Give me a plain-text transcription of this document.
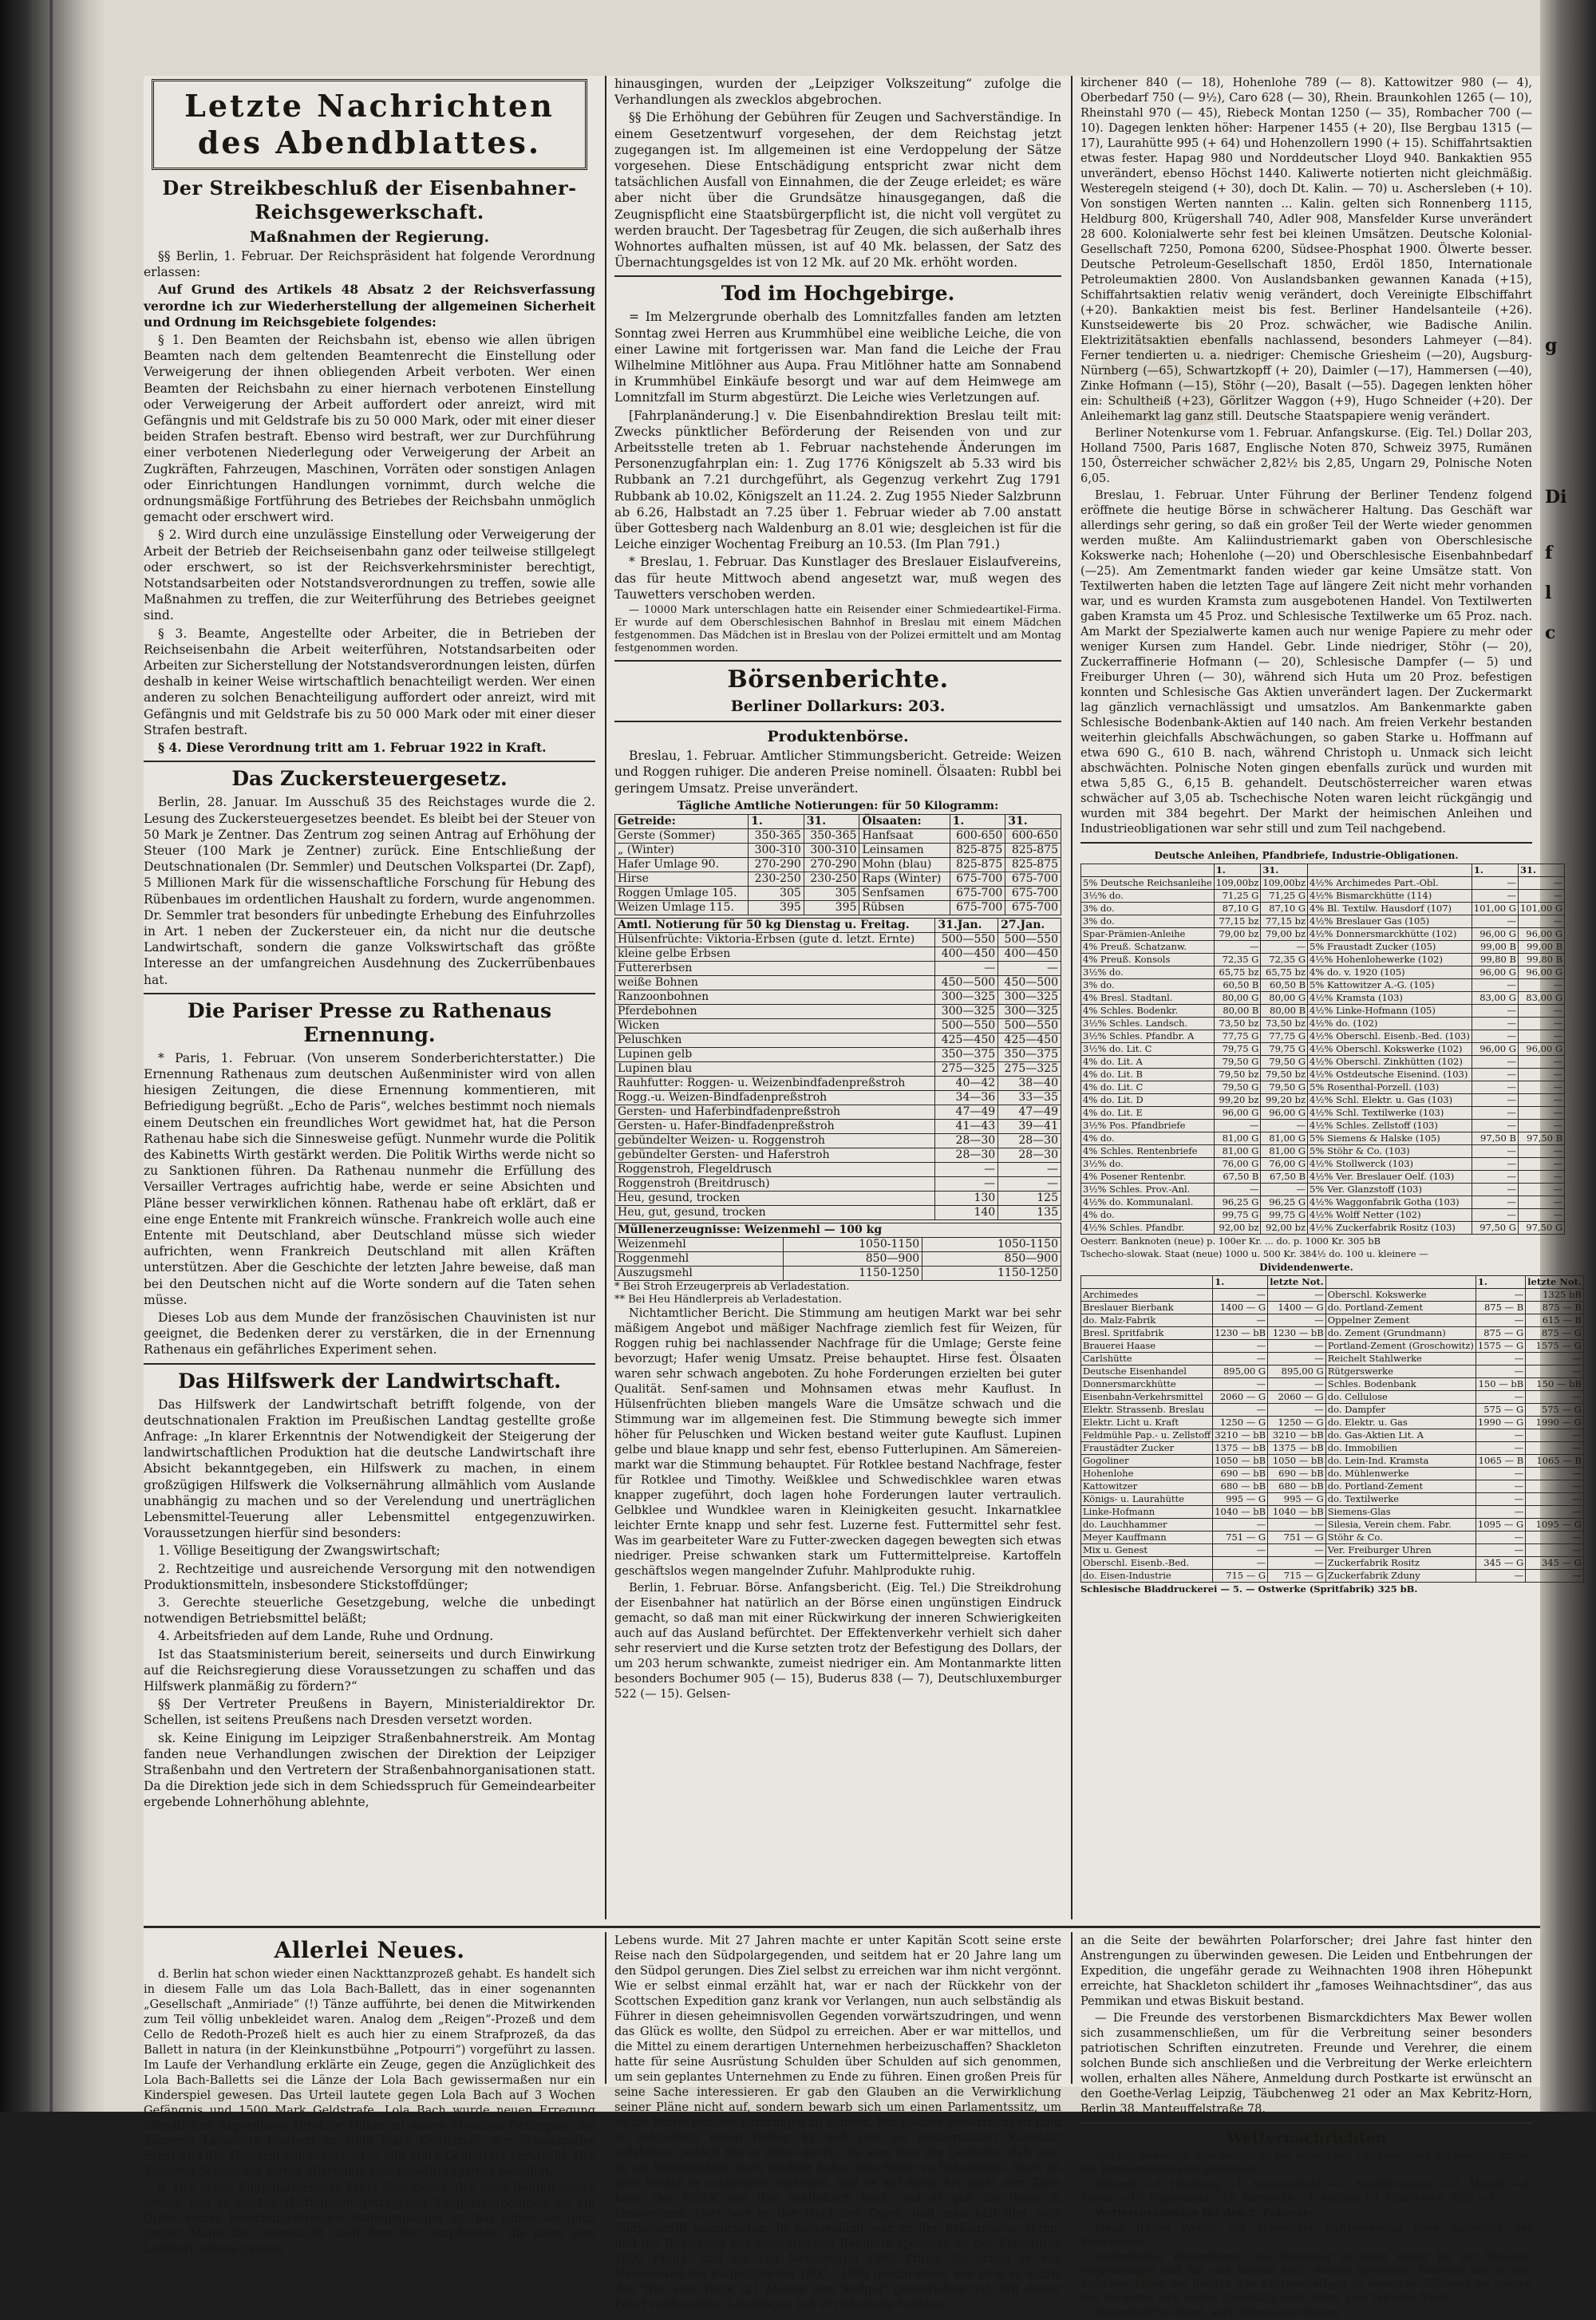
g
Di
f
l
c
Letzte Nachrichten
des Abendblattes.
Der Streikbeschluß der Eisenbahner-Reichsgewerkschaft.
Maßnahmen der Regierung.

§§ Berlin, 1. Februar. Der Reichspräsident hat folgende Verordnung erlassen:

Auf Grund des Artikels 48 Absatz 2 der Reichsverfassung verordne ich zur Wiederherstellung der allgemeinen Sicherheit und Ordnung im Reichsgebiete folgendes:

§ 1. Den Beamten der Reichsbahn ist, ebenso wie allen übrigen Beamten nach dem geltenden Beamtenrecht die Einstellung oder Verweigerung der ihnen obliegenden Arbeit verboten. Wer einen Beamten der Reichsbahn zu einer hiernach verbotenen Einstellung oder Verweigerung der Arbeit auffordert oder anreizt, wird mit Gefängnis und mit Geldstrafe bis zu 50 000 Mark, oder mit einer dieser beiden Strafen bestraft. Ebenso wird bestraft, wer zur Durchführung einer verbotenen Niederlegung oder Verweigerung der Arbeit an Zugkräften, Fahrzeugen, Maschinen, Vorräten oder sonstigen Anlagen oder Einrichtungen Handlungen vornimmt, durch welche die ordnungsmäßige Fortführung des Betriebes der Reichsbahn unmöglich gemacht oder erschwert wird.

§ 2. Wird durch eine unzulässige Einstellung oder Verweigerung der Arbeit der Betrieb der Reichseisenbahn ganz oder teilweise stillgelegt oder erschwert, so ist der Reichsverkehrsminister berechtigt, Notstandsarbeiten oder Notstandsverordnungen zu treffen, sowie alle Maßnahmen zu treffen, die zur Weiterführung des Betriebes geeignet sind.

§ 3. Beamte, Angestellte oder Arbeiter, die in Betrieben der Reichseisenbahn die Arbeit weiterführen, Notstandsarbeiten oder Arbeiten zur Sicherstellung der Notstandsverordnungen leisten, dürfen deshalb in keiner Weise wirtschaftlich benachteiligt werden. Wer einen anderen zu solchen Benachteiligung auffordert oder anreizt, wird mit Gefängnis und mit Geldstrafe bis zu 50 000 Mark oder mit einer dieser Strafen bestraft.

§ 4. Diese Verordnung tritt am 1. Februar 1922 in Kraft.

Das Zuckersteuergesetz.

Berlin, 28. Januar. Im Ausschuß 35 des Reichstages wurde die 2. Lesung des Zuckersteuergesetzes beendet. Es bleibt bei der Steuer von 50 Mark je Zentner. Das Zentrum zog seinen Antrag auf Erhöhung der Steuer (100 Mark je Zentner) zurück. Eine Entschließung der Deutschnationalen (Dr. Semmler) und Deutschen Volkspartei (Dr. Zapf), 5 Millionen Mark für die wissenschaftliche Forschung für Hebung des Rübenbaues im ordentlichen Haushalt zu fordern, wurde angenommen. Dr. Semmler trat besonders für unbedingte Erhebung des Einfuhrzolles in Art. 1 neben der Zuckersteuer ein, da nicht nur die deutsche Landwirtschaft, sondern die ganze Volkswirtschaft das größte Interesse an der umfangreichen Ausdehnung des Zuckerrübenbaues hat.

Die Pariser Presse zu Rathenaus Ernennung.

* Paris, 1. Februar. (Von unserem Sonderberichterstatter.) Die Ernennung Rathenaus zum deutschen Außenminister wird von allen hiesigen Zeitungen, die diese Ernennung kommentieren, mit Befriedigung begrüßt. „Echo de Paris“, welches bestimmt noch niemals einem Deutschen ein freundliches Wort gewidmet hat, hat die Person Rathenau habe sich die Sinnesweise gefügt. Nunmehr wurde die Politik des Kabinetts Wirth gestärkt werden. Die Politik Wirths werde nicht so zu Sanktionen führen. Da Rathenau nunmehr die Erfüllung des Versailler Vertrages aufrichtig habe, werde er seine Absichten und Pläne besser verwirklichen können. Rathenau habe oft erklärt, daß er eine enge Entente mit Frankreich wünsche. Frankreich wolle auch eine Entente mit Deutschland, aber Deutschland müsse sich wieder aufrichten, wenn Frankreich Deutschland mit allen Kräften unterstützen. Aber die Geschichte der letzten Jahre beweise, daß man bei den Deutschen nicht auf die Worte sondern auf die Taten sehen müsse.

Dieses Lob aus dem Munde der französischen Chauvinisten ist nur geeignet, die Bedenken derer zu verstärken, die in der Ernennung Rathenaus ein gefährliches Experiment sehen.

Das Hilfswerk der Landwirtschaft.

Das Hilfswerk der Landwirtschaft betrifft folgende, von der deutschnationalen Fraktion im Preußischen Landtag gestellte große Anfrage: „In klarer Erkenntnis der Notwendigkeit der Steigerung der landwirtschaftlichen Produktion hat die deutsche Landwirtschaft ihre Absicht bekanntgegeben, ein Hilfswerk zu machen, in einem großzügigen Hilfswerk die Volksernährung allmählich vom Auslande unabhängig zu machen und so der Verelendung und unerträglichen Lebensmittel-Teuerung aller Lebensmittel entgegenzuwirken. Voraussetzungen hierfür sind besonders:

1. Völlige Beseitigung der Zwangswirtschaft;

2. Rechtzeitige und ausreichende Versorgung mit den notwendigen Produktionsmitteln, insbesondere Stickstoffdünger;

3. Gerechte steuerliche Gesetzgebung, welche die unbedingt notwendigen Betriebsmittel beläßt;

4. Arbeitsfrieden auf dem Lande, Ruhe und Ordnung.

Ist das Staatsministerium bereit, seinerseits und durch Einwirkung auf die Reichsregierung diese Voraussetzungen zu schaffen und das Hilfswerk planmäßig zu fördern?“

§§ Der Vertreter Preußens in Bayern, Ministerialdirektor Dr. Schellen, ist seitens Preußens nach Dresden versetzt worden.

sk. Keine Einigung im Leipziger Straßenbahnerstreik. Am Montag fanden neue Verhandlungen zwischen der Direktion der Leipziger Straßenbahn und den Vertretern der Straßenbahnorganisationen statt. Da die Direktion jede sich in dem Schiedsspruch für Gemeindearbeiter ergebende Lohnerhöhung ablehnte,

hinausgingen, wurden der „Leipziger Volkszeitung“ zufolge die Verhandlungen als zwecklos abgebrochen.

§§ Die Erhöhung der Gebühren für Zeugen und Sachverständige. In einem Gesetzentwurf vorgesehen, der dem Reichstag jetzt zugegangen ist. Im allgemeinen ist eine Verdoppelung der Sätze vorgesehen. Diese Entschädigung entspricht zwar nicht dem tatsächlichen Ausfall von Einnahmen, die der Zeuge erleidet; es wäre aber nicht über die Grundsätze hinausgegangen, daß die Zeugnispflicht eine Staatsbürgerpflicht ist, die nicht voll vergütet zu werden braucht. Der Tagesbetrag für Zeugen, die sich außerhalb ihres Wohnortes aufhalten müssen, ist auf 40 Mk. belassen, der Satz des Übernachtungsgeldes ist von 12 Mk. auf 20 Mk. erhöht worden.

Tod im Hochgebirge.

= Im Melzergrunde oberhalb des Lomnitzfalles fanden am letzten Sonntag zwei Herren aus Krummhübel eine weibliche Leiche, die von einer Lawine mit fortgerissen war. Man fand die Leiche der Frau Wilhelmine Mitlöhner aus Aupa. Frau Mitlöhner hatte am Sonnabend in Krummhübel Einkäufe besorgt und war auf dem Heimwege am Lomnitzfall im Sturm abgestürzt. Die Leiche wies Verletzungen auf.

[Fahrplanänderung.] v. Die Eisenbahndirektion Breslau teilt mit: Zwecks pünktlicher Beförderung der Reisenden von und zur Arbeitsstelle treten ab 1. Februar nachstehende Änderungen im Personenzugfahrplan ein: 1. Zug 1776 Königszelt ab 5.33 wird bis Rubbank an 7.21 durchgeführt, als Gegenzug verkehrt Zug 1791 Rubbank ab 10.02, Königszelt an 11.24. 2. Zug 1955 Nieder Salzbrunn ab 6.26, Halbstadt an 7.25 über 1. Februar wieder ab 7.00 anstatt über Gottesberg nach Waldenburg an 8.01 wie; desgleichen ist für die Leiche einziger Wochentag Freiburg an 10.53. (Im Plan 791.)

* Breslau, 1. Februar. Das Kunstlager des Breslauer Eislaufvereins, das für heute Mittwoch abend angesetzt war, muß wegen des Tauwetters verschoben werden.

— 10000 Mark unterschlagen hatte ein Reisender einer Schmiedeartikel-Firma. Er wurde auf dem Oberschlesischen Bahnhof in Breslau mit einem Mädchen festgenommen. Das Mädchen ist in Breslau von der Polizei ermittelt und am Montag festgenommen worden.

Börsenberichte.
Berliner Dollarkurs: 203.
Produktenbörse.

Breslau, 1. Februar. Amtlicher Stimmungsbericht. Getreide: Weizen und Roggen ruhiger. Die anderen Preise nominell. Ölsaaten: Rubbl bei geringem Umsatz. Preise unverändert.

Tägliche Amtliche Notierungen: für 50 Kilogramm:
Getreide:	1.	31.	Ölsaaten:	1.	31.
Gerste (Sommer)	350-365	350-365	Hanfsaat	600-650	600-650
„ (Winter)	300-310	300-310	Leinsamen	825-875	825-875
Hafer Umlage 90.	270-290	270-290	Mohn (blau)	825-875	825-875
Hirse	230-250	230-250	Raps (Winter)	675-700	675-700
Roggen Umlage 105.	305	305	Senfsamen	675-700	675-700
Weizen Umlage 115.	395	395	Rübsen	675-700	675-700
Amtl. Notierung für 50 kg Dienstag u. Freitag.	31.Jan.	27.Jan.
Hülsenfrüchte: Viktoria-Erbsen (gute d. letzt. Ernte)	500—550	500—550
kleine gelbe Erbsen	400—450	400—450
Futtererbsen	—	—
weiße Bohnen	450—500	450—500
Ranzoonbohnen	300—325	300—325
Pferdebohnen	300—325	300—325
Wicken	500—550	500—550
Peluschken	425—450	425—450
Lupinen gelb	350—375	350—375
Lupinen blau	275—325	275—325
Rauhfutter: Roggen- u. Weizenbindfadenpreßstroh	40—42	38—40
Rogg.-u. Weizen-Bindfadenpreßstroh	34—36	33—35
Gersten- und Haferbindfadenpreßstroh	47—49	47—49
Gersten- u. Hafer-Bindfadenpreßstroh	41—43	39—41
gebündelter Weizen- u. Roggenstroh	28—30	28—30
gebündelter Gersten- und Haferstroh	28—30	28—30
Roggenstroh, Flegeldrusch	—	—
Roggenstroh (Breitdrusch)	—	—
Heu, gesund, trocken	130	125
Heu, gut, gesund, trocken	140	135
Müllenerzeugnisse: Weizenmehl — 100 kg		
Weizenmehl	1050-1150	1050-1150
Roggenmehl	850—900	850—900
Auszugsmehl	1150-1250	1150-1250
* Bei Stroh Erzeugerpreis ab Verladestation.
** Bei Heu Händlerpreis ab Verladestation.

Nichtamtlicher Bericht. Die Stimmung am heutigen Markt war bei sehr mäßigem Angebot und mäßiger Nachfrage ziemlich fest für Weizen, für Roggen ruhig bei nachlassender Nachfrage für die Umlage; Gerste feine bevorzugt; Hafer wenig Umsatz. Preise behauptet. Hirse fest. Ölsaaten waren sehr schwach angeboten. Zu hohe Forderungen erzielten bei guter Qualität. Senf-samen und Mohnsamen etwas mehr Kauflust. In Hülsenfrüchten blieben mangels Ware die Umsätze schwach und die Stimmung war im allgemeinen fest. Die Stimmung bewegte sich immer höher für Peluschken und Wicken bestand weiter gute Kauflust. Lupinen gelbe und blaue knapp und sehr fest, ebenso Futterlupinen. Am Sämereien-markt war die Stimmung behauptet. Für Rotklee bestand Nachfrage, fester für Rotklee und Timothy. Weißklee und Schwedischklee waren etwas knapper zugeführt, doch lagen hohe Forderungen lauter vertraulich. Gelbklee und Wundklee waren in Kleinigkeiten gesucht. Inkarnatklee leichter Ernte knapp und sehr fest. Luzerne fest. Futtermittel sehr fest. Was im gearbeiteter Ware zu Futter-zwecken dagegen bewegten sich etwas niedriger. Preise schwanken stark um Futtermittelpreise. Kartoffeln geschäftslos wegen mangelnder Zufuhr. Mahlprodukte ruhig.

Berlin, 1. Februar. Börse. Anfangsbericht. (Eig. Tel.) Die Streikdrohung der Eisenbahner hat natürlich an der Börse einen ungünstigen Eindruck gemacht, so daß man mit einer Rückwirkung der inneren Schwierigkeiten auch auf das Ausland befürchtet. Der Effektenverkehr verhielt sich daher sehr reserviert und die Kurse setzten trotz der Befestigung des Dollars, der um 203 herum schwankte, zumeist niedriger ein. Am Montanmarkte litten besonders Bochumer 905 (— 15), Buderus 838 (— 7), Deutschluxemburger 522 (— 15). Gelsen-

kirchener 840 (— 18), Hohenlohe 789 (— 8). Kattowitzer 980 (— 4), Oberbedarf 750 (— 9½), Caro 628 (— 30), Rhein. Braunkohlen 1265 (— 10), Rheinstahl 970 (— 45), Riebeck Montan 1250 (— 35), Rombacher 700 (— 10). Dagegen lenkten höher: Harpener 1455 (+ 20), Ilse Bergbau 1315 (— 17), Laurahütte 995 (+ 64) und Hohenzollern 1990 (+ 15). Schiffahrtsaktien etwas fester. Hapag 980 und Norddeutscher Lloyd 940. Bankaktien 955 unverändert, ebenso Höchst 1440. Kaliwerte notierten nicht gleichmäßig. Westeregeln steigend (+ 30), doch Dt. Kalin. — 70) u. Aschersleben (+ 10). Von sonstigen Werten nannten ... Kalin. gelten sich Ronnenberg 1115, Heldburg 800, Krügershall 740, Adler 908, Mansfelder Kurse unverändert 28 600. Kolonialwerte sehr fest bei kleinen Umsätzen. Deutsche Kolonial-Gesellschaft 7250, Pomona 6200, Südsee-Phosphat 1900. Ölwerte besser. Deutsche Petroleum-Gesellschaft 1850, Erdöl 1850, Internationale Petroleumaktien 2800. Von Auslandsbanken gewannen Kanada (+15), Schiffahrtsaktien relativ wenig verändert, doch Vereinigte Elbschiffahrt (+20). Bankaktien meist bis fest. Berliner Handelsanteile (+26). Kunstseidewerte bis 20 Proz. schwächer, wie Badische Anilin. Elektrizitätsaktien ebenfalls nachlassend, besonders Lahmeyer (—84). Ferner tendierten u. a. niedriger: Chemische Griesheim (—20), Augsburg-Nürnberg (—65), Schwartzkopff (+ 20), Daimler (—17), Hammersen (—40), Zinke Hofmann (—15), Stöhr (—20), Basalt (—55). Dagegen lenkten höher ein: Schultheiß (+23), Görlitzer Waggon (+9), Hugo Schneider (+20). Der Anleihemarkt lag ganz still. Deutsche Staatspapiere wenig verändert.

Berliner Notenkurse vom 1. Februar. Anfangskurse. (Eig. Tel.) Dollar 203, Holland 7500, Paris 1687, Englische Noten 870, Schweiz 3975, Rumänen 150, Österreicher schwächer 2,82½ bis 2,85, Ungarn 29, Polnische Noten 6,05.

Breslau, 1. Februar. Unter Führung der Berliner Tendenz folgend eröffnete die heutige Börse in schwächerer Haltung. Das Geschäft war allerdings sehr gering, so daß ein großer Teil der Werte wieder genommen werden mußte. Am Kaliindustriemarkt gaben von Oberschlesische Kokswerke nach; Hohenlohe (—20) und Oberschlesische Eisenbahnbedarf (—25). Am Zementmarkt fanden wieder gar keine Umsätze statt. Von Textilwerten haben die letzten Tage auf längere Zeit nicht mehr vorhanden war, und es wurden Kramsta zum ausgebotenen Handel. Von Textilwerten gaben Kramsta um 45 Proz. und Schlesische Textilwerke um 65 Proz. nach. Am Markt der Spezialwerte kamen auch nur wenige Papiere zu mehr oder weniger Kursen zum Handel. Gebr. Linde niedriger, Stöhr (— 20), Zuckerraffinerie Hofmann (— 20), Schlesische Dampfer (— 5) und Freiburger Uhren (— 30), während sich Huta um 20 Proz. befestigen konnten und Schlesische Gas Aktien unverändert lagen. Der Zuckermarkt lag gänzlich vernachlässigt und umsatzlos. Am Bankenmarkte gaben Schlesische Bodenbank-Aktien auf 140 nach. Am freien Verkehr bestanden weiterhin gleichfalls Abschwächungen, so gaben Starke u. Hoffmann auf etwa 690 G., 610 B. nach, während Christoph u. Unmack sich leicht abschwächten. Polnische Noten gingen ebenfalls zurück und wurden mit etwa 5,85 G., 6,15 B. gehandelt. Deutschösterreicher waren etwas schwächer auf 3,05 ab. Tschechische Noten waren leicht rückgängig und wurden mit 384 begehrt. Der Markt der heimischen Anleihen und Industrieobligationen war sehr still und zum Teil nachgebend.

Deutsche Anleihen, Pfandbriefe, Industrie-Obligationen.
	1.	31.		1.	31.
5% Deutsche Reichsanleihe	109,00bz	109,00bz	4½% Archimedes Part.-Obl.	—	—
3½% do.	71,25 G	71,25 G	4½% Bismarckhütte (114)	—	—
3% do.	87,10 G	87,10 G	4% Bl. Textilw. Hausdorf (107)	101,00 G	101,00 G
3% do.	77,15 bz	77,15 bz	4½% Breslauer Gas (105)	—	—
Spar-Prämien-Anleihe	79,00 bz	79,00 bz	4½% Donnersmarckhütte (102)	96,00 G	96,00 G
4% Preuß. Schatzanw.	—	—	5% Fraustadt Zucker (105)	99,00 B	99,00 B
4% Preuß. Konsols	72,35 G	72,35 G	4½% Hohenlohewerke (102)	99,80 B	99,80 B
3½% do.	65,75 bz	65,75 bz	4% do. v. 1920 (105)	96,00 G	96,00 G
3% do.	60,50 B	60,50 B	5% Kattowitzer A.-G. (105)	—	—
4% Bresl. Stadtanl.	80,00 G	80,00 G	4½% Kramsta (103)	83,00 G	83,00 G
4% Schles. Bodenkr.	80,00 B	80,00 B	4½% Linke-Hofmann (105)	—	—
3½% Schles. Landsch.	73,50 bz	73,50 bz	4½% do. (102)	—	—
3½% Schles. Pfandbr. A	77,75 G	77,75 G	4½% Oberschl. Eisenb.-Bed. (103)	—	—
3½% do. Lit. C	79,75 G	79,75 G	4½% Oberschl. Kokswerke (102)	96,00 G	96,00 G
4% do. Lit. A	79,50 G	79,50 G	4½% Oberschl. Zinkhütten (102)	—	—
4% do. Lit. B	79,50 bz	79,50 bz	4½% Ostdeutsche Eisenind. (103)	—	—
4% do. Lit. C	79,50 G	79,50 G	5% Rosenthal-Porzell. (103)	—	—
4% do. Lit. D	99,20 bz	99,20 bz	4½% Schl. Elektr. u. Gas (103)	—	—
4% do. Lit. E	96,00 G	96,00 G	4½% Schl. Textilwerke (103)	—	—
3½% Pos. Pfandbriefe	—	—	4½% Schles. Zellstoff (103)	—	—
4% do.	81,00 G	81,00 G	5% Siemens & Halske (105)	97,50 B	97,50 B
4% Schles. Rentenbriefe	81,00 G	81,00 G	5% Stöhr & Co. (103)	—	—
3½% do.	76,00 G	76,00 G	4½% Stollwerck (103)	—	—
4% Posener Rentenbr.	67,50 B	67,50 B	4½% Ver. Breslauer Oelf. (103)	—	—
3½% Schles. Prov.-Anl.	—	—	5% Ver. Glanzstoff (103)	—	—
4½% do. Kommunalanl.	96,25 G	96,25 G	4½% Waggonfabrik Gotha (103)	—	—
4% do.	99,75 G	99,75 G	4½% Wolff Netter (102)	—	—
4½% Schles. Pfandbr.	92,00 bz	92,00 bz	4½% Zuckerfabrik Rositz (103)	97,50 G	97,50 G
Oesterr. Banknoten (neue) p. 100er Kr. ... do. p. 1000 Kr. 305 bB
Tschecho-slowak. Staat (neue) 1000 u. 500 Kr. 384½ do. 100 u. kleinere —
Dividendenwerte.
	1.	letzte Not.		1.	letzte Not.
Archimedes	—	—	Oberschl. Kokswerke	—	1325 bB
Breslauer Bierbank	1400 — G	1400 — G	do. Portland-Zement	875 — B	875 — B
do. Malz-Fabrik	—	—	Oppelner Zement	—	615 — B
Bresl. Spritfabrik	1230 — bB	1230 — bB	do. Zement (Grundmann)	875 — G	875 — G
Brauerei Haase	—	—	Portland-Zement (Groschowitz)	1575 — G	1575 — G
Carlshütte	—	—	Reichelt Stahlwerke	—	—
Deutsche Eisenhandel	895,00 G	895,00 G	Rütgerswerke	—	—
Donnersmarckhütte	—	—	Schles. Bodenbank	150 — bB	150 — bB
Eisenbahn-Verkehrsmittel	2060 — G	2060 — G	do. Cellulose	—	—
Elektr. Strassenb. Breslau	—	—	do. Dampfer	575 — G	575 — G
Elektr. Licht u. Kraft	1250 — G	1250 — G	do. Elektr. u. Gas	1990 — G	1990 — G
Feldmühle Pap.- u. Zellstoff	3210 — bB	3210 — bB	do. Gas-Aktien Lit. A	—	—
Fraustädter Zucker	1375 — bB	1375 — bB	do. Immobilien	—	—
Gogoliner	1050 — bB	1050 — bB	do. Lein-Ind. Kramsta	1065 — B	1065 — B
Hohenlohe	690 — bB	690 — bB	do. Mühlenwerke	—	—
Kattowitzer	680 — bB	680 — bB	do. Portland-Zement	—	—
Königs- u. Laurahütte	995 — G	995 — G	do. Textilwerke	—	—
Linke-Hofmann	1040 — bB	1040 — bB	Siemens-Glas	—	—
do. Lauchhammer	—	—	Silesia, Verein chem. Fabr.	1095 — G	1095 — G
Meyer Kauffmann	751 — G	751 — G	Stöhr & Co.	—	—
Mix u. Genest	—	—	Ver. Freiburger Uhren	—	—
Oberschl. Eisenb.-Bed.	—	—	Zuckerfabrik Rositz	345 — G	345 — G
do. Eisen-Industrie	715 — G	715 — G	Zuckerfabrik Zduny	—	—
Schlesische Bladdruckerei — 5. — Ostwerke (Spritfabrik) 325 bB.
Allerlei Neues.

d. Berlin hat schon wieder einen Nackttanzprozeß gehabt. Es handelt sich in diesem Falle um das Lola Bach-Ballett, das in einer sogenannten „Gesellschaft „Anmiriade“ (!) Tänze aufführte, bei denen die Mitwirkenden zum Teil völlig unbekleidet waren. Analog dem „Reigen“-Prozeß und dem Cello de Redoth-Prozeß hielt es auch hier zu einem Strafprozeß, da das Ballett in natura (in der Kleinkunstbühne „Potpourri“) vorgeführt zu lassen. Im Laufe der Verhandlung erklärte ein Zeuge, gegen die Anzüglichkeit des Lola Bach-Balletts sei die Länze der Lola Bach gewissermaßen nur ein Kinderspiel gewesen. Das Urteil lautete gegen Lola Bach auf 3 Wochen Gefängnis und 1500 Mark Geldstrafe. Lola Bach wurde neuen Erregung öffentlichen Ärgernisses Direktor Hilker zu einem Monaten Gefängnis, die Tänzerin Lieselotte Gaubert zu 1000 Mark Geldstrafe, der Schauspieler Ernst und die Tänzerin Schmieder zu je 300 Mark Geldstrafe verurteilt. Der Tänzerin Schmieder wurde allerdings eine Bewährungsfrist bewilligt.

d. Der große Südpolarforscher Ernst Shackleton, der beim Beginn seiner neuen, von so großen Hoffnungen getragenen Südpolarexpedition als ein Opfer seines Forschungsdranges dahingegangen ist, hat schon als ganz junger Mann die „Sehnsucht nach dem Pol“ empfunden, die dann zum Leitstern seines ganzen

Lebens wurde. Mit 27 Jahren machte er unter Kapitän Scott seine erste Reise nach den Südpolargegenden, und seitdem hat er 20 Jahre lang um den Südpol gerungen. Dies Ziel selbst zu erreichen war ihm nicht vergönnt. Wie er selbst einmal erzählt hat, war er nach der Rückkehr von der Scottschen Expedition ganz krank vor Verlangen, nun auch selbständig als Führer in diesen geheimnisvollen Gegenden vorwärtszudringen, und wenn das Glück es wollte, den Südpol zu erreichen. Aber er war mittellos, und die Mittel zu einem derartigen Unternehmen herbeizuschaffen? Shackleton hatte für seine Ausrüstung Schulden über Schulden auf sich genommen, um sein geplantes Unternehmen zu Ende zu führen. Einen großen Preis für seine Sache interessieren. Er gab den Glauben an die Verwirklichung seiner Pläne nicht auf, sondern bewarb sich um einen Parlamentssitz, um so die Mittel leichter aufbringen zu können. Mit solcher Beharrlichkeit fand er schließlich einen Helfer. Er ließ sich als konservativer Kandidat aufstellen, jedoch fiel er dabei durch. Da kam ihm der Gedanke, daß man es als Südpolfahrer doch leichter habe, eine Stelle zu bekommen. Nach all dem mußte er schließlich einsehen, daß er auf diese Art nicht zum Ziele kam. Das Glück war ihm schließlich hold, und er gab die Reise in Neuseeland. Dort war er der Held des Tages, und man half ihm, sein Südpolschiff auszurüsten. In Neuseeland war er der bekannteste Mann, und die Regierung der australischen Republik spendete zu der Expedition 1000 Pfund, und die von Neuseeland 1000 Pfund. So brach er von Neuseeland die Südpolfahrten 1907—1909 geschrieben, von dem er nichts den Titel sein Werk „21 Meilen vom Südpol“ geschrieben hat. Mit dieser Fahrt vollbrachten Leistungen hat er mit einem Schlage

an die Seite der bewährten Polarforscher; drei Jahre fast hinter den Anstrengungen zu überwinden gewesen. Die Leiden und Entbehrungen der Expedition, die ungefähr gerade zu Weihnachten 1908 ihren Höhepunkt erreichte, hat Shackleton schildert ihr „famoses Weihnachtsdiner“, das aus Pemmikan und etwas Biskuit bestand.

— Die Freunde des verstorbenen Bismarckdichters Max Bewer wollen sich zusammenschließen, um für die Verbreitung seiner besonders patriotischen Schriften einzutreten. Freunde und Verehrer, die einem solchen Bunde sich anschließen und die Verbreitung der Werke erleichtern wollen, erhalten alles Nähere, Anmeldung durch Postkarte ist erwünscht an den Goethe-Verlag Leipzig, Täubchenweg 21 oder an Max Kebritz-Horn, Berlin 38, Manteuffelstraße 78.

Wetternachrichten

Von der Seewarte. Das Wetter ist bei schwacher Luftbewegung vorwiegend trübe, die Temperaturen sind gestiegen.

Ostende +3, Hamburg +1, Swinemünde —2, Neufahrwasser —7, Memel —4, Stettin —10, Haparanda —18, Karlsruhe —1, Aachen +3, München 0, Köln —1.

Wettervoraussage für den 2. Februar:

Meist trübes Wetter mit schwacher Luftbewegung ohne Änderung der Temperatur.

Oeffentlicher Wetterdienst. Das Tauwetter ist nicht weiter bis zur Weichsel vorgedrungen und hat sich überall nach Westen gewendet. Während das in den östlichen Teilen des Bezirks ihre Frostwetterlage zu erwarten. Während im Westen das Tauwetter sich wieder gleichfalls nach Osten, zum Teil sehr frisch.

Veränderliches Wind, auch Schnee und Regen.
